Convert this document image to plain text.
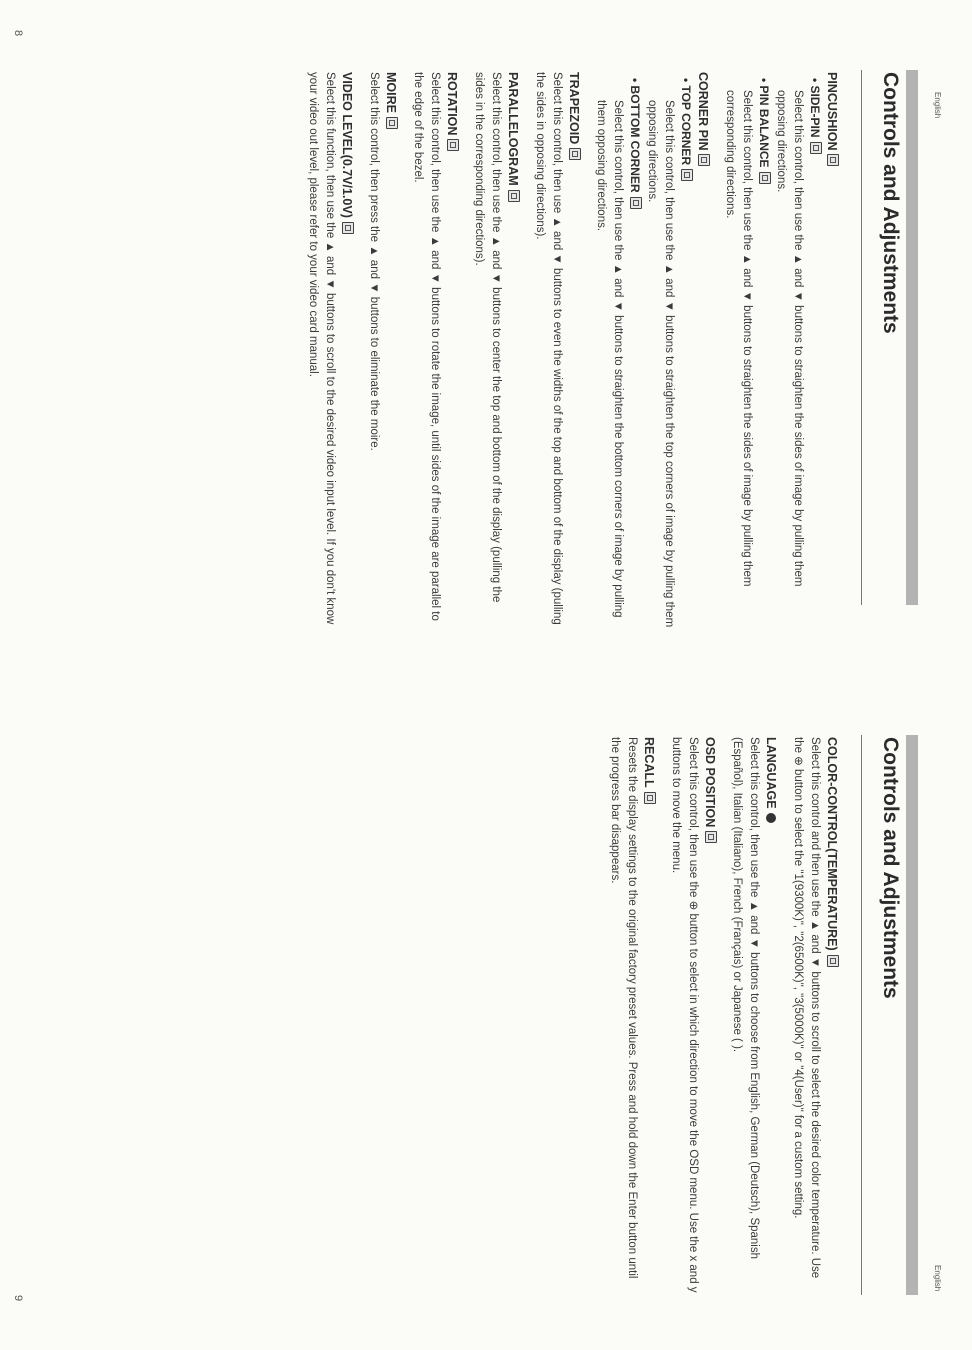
English
Controls and Adjustments

PINCUSHION

• SIDE-PIN

Select this control, then use the ▲ and ▼ buttons to straighten the sides of image by pulling them opposing directions.

• PIN BALANCE

Select this control, then use the ▲ and ▼ buttons to straighten the sides of image by pulling them corresponding directions.

CORNER PIN

• TOP CORNER

Select this control, then use the ▲ and ▼ buttons to straighten the top corners of image by pulling them opposing directions.

• BOTTOM CORNER

Select this control, then use the ▲ and ▼ buttons to straighten the bottom corners of image by pulling them opposing directions.

TRAPEZOID

Select this control, then use ▲ and ▼ buttons to even the widths of the top and bottom of the display (pulling the sides in opposing directions).

PARALLELOGRAM

Select this control, then use the ▲ and ▼ buttons to center the top and bottom of the display (pulling the sides in the corresponding directions).

ROTATION

Select this control, then use the ▲ and ▼ buttons to rotate the image, until sides of the image are parallel to the edge of the bezel.

MOIRE

Select this control, then press the ▲ and ▼ buttons to eliminate the moire.

VIDEO LEVEL(0.7V/1.0V)

Select this function, then use the ▲ and ▼ buttons to scroll to the desired video input level. If you don't know your video out level, please refer to your video card manual.

8
English
Controls and Adjustments

COLOR-CONTROL(TEMPERATURE)

Select this control and then use the ▲ and ▼ buttons to scroll to select the desired color temperature. Use the ⊕ button to select the "1(9300K)", "2(6500K)", "3(5000K)" or "4(User)" for a custom setting.

LANGUAGE

Select this control, then use the ▲ and ▼ buttons to choose from English, German (Deutsch), Spanish (Español), Italian (Italiano), French (Français) or Japanese ( ).

OSD POSITION

Select this control, then use the ⊕ button to select in which direction to move the OSD menu. Use the x and y buttons to move the menu.

RECALL

Resets the display settings to the original factory preset values. Press and hold down the Enter button until the progress bar disappears.

9
